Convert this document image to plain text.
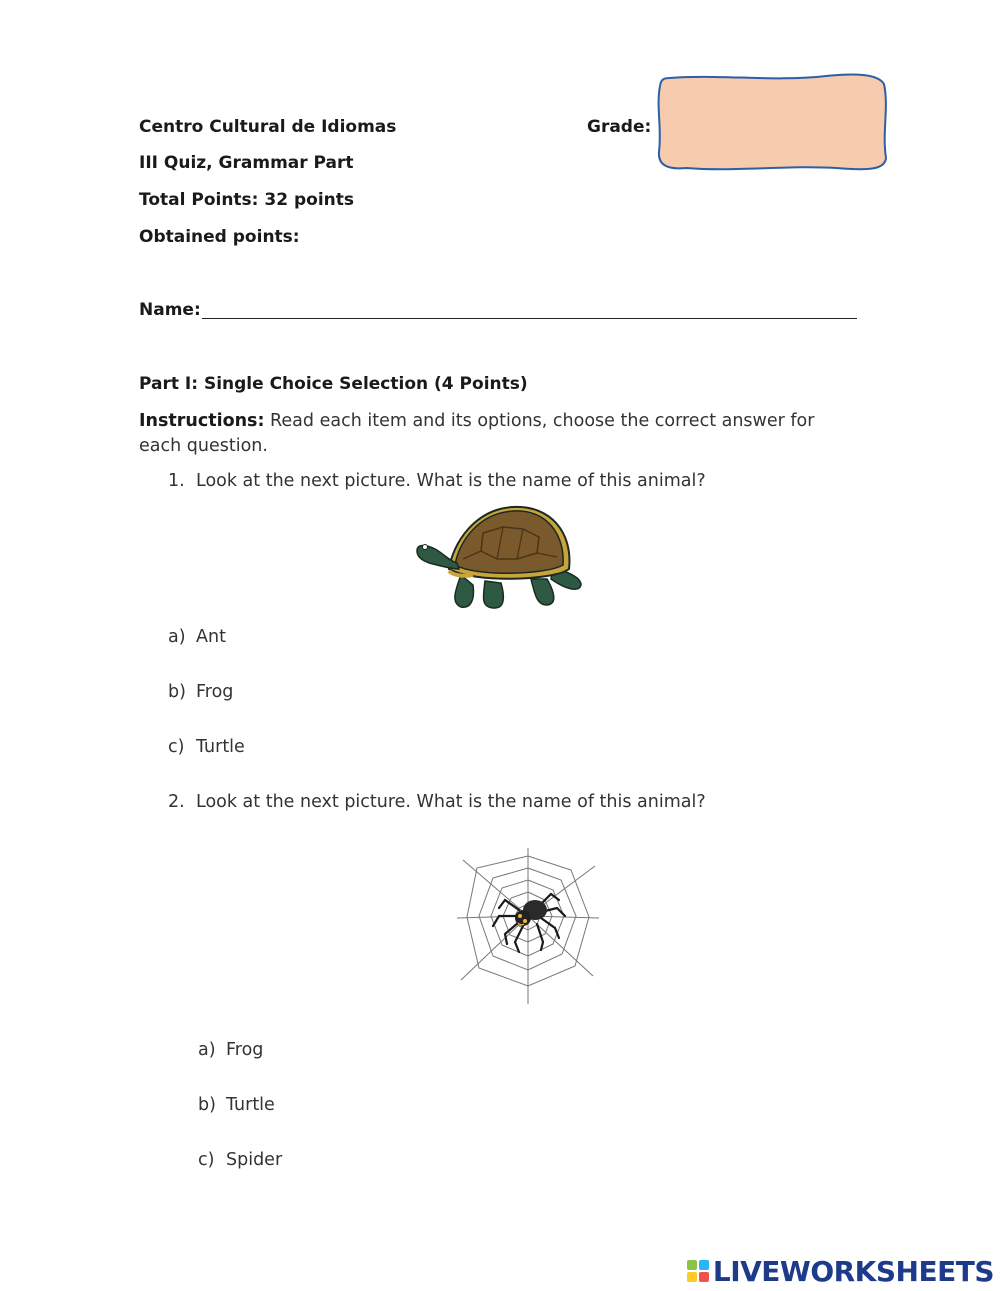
Centro Cultural de Idiomas	Grade:
III Quiz, Grammar Part
Total Points: 32 points
Obtained points:
Name:
Part I: Single Choice Selection (4 Points)
Instructions: Read each item and its options, choose the correct answer for each question.
1. Look at the next picture. What is the name of this animal?
a) Ant
b) Frog
c) Turtle
2. Look at the next picture. What is the name of this animal?
a) Frog
b) Turtle
c) Spider
LIVEWORKSHEETS
